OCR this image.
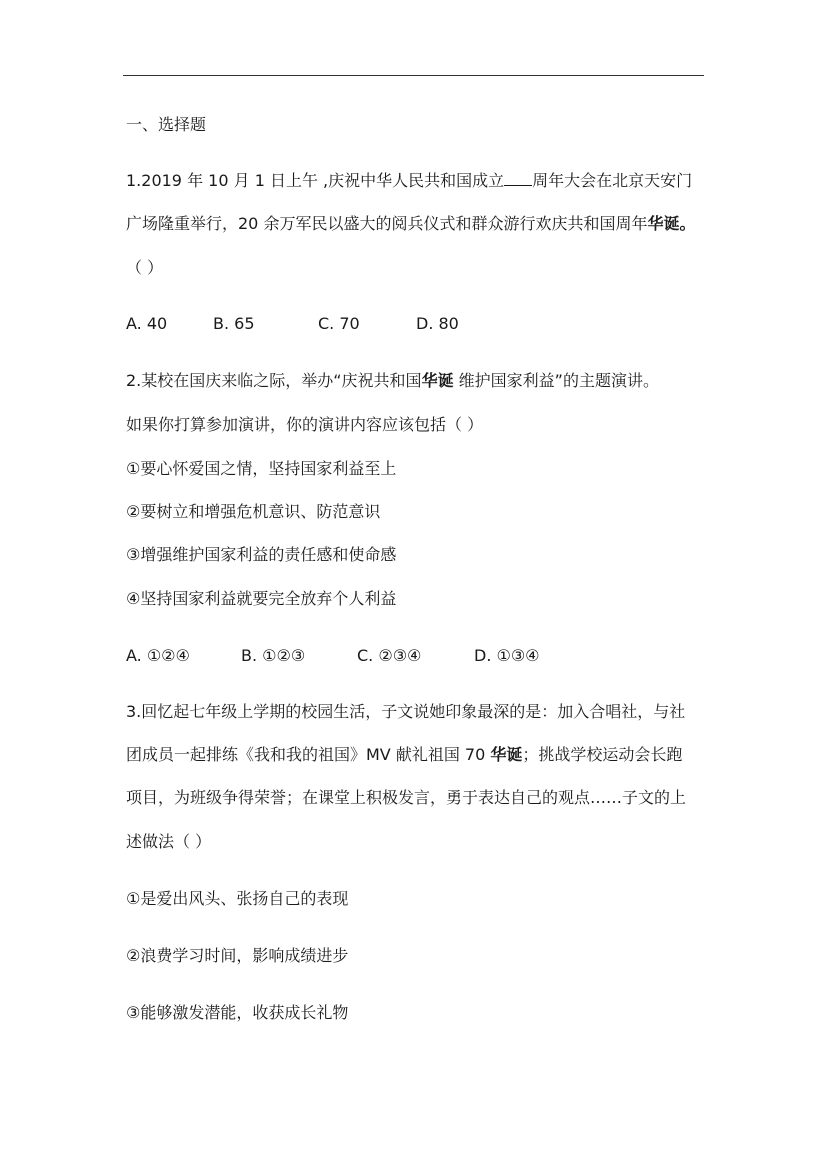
一、选择题
1.2019 年 10 月 1 日上午 ,庆祝中华人民共和国成立 周年大会在北京天安门
广场隆重举行，20 余万军民以盛大的阅兵仪式和群众游行欢庆共和国周年华诞。
（ ）
A. 40	B. 65	C. 70	D. 80
2.某校在国庆来临之际，举办“庆祝共和国华诞 维护国家利益”的主题演讲。
如果你打算参加演讲，你的演讲内容应该包括（ ）
①要心怀爱国之情，坚持国家利益至上
②要树立和增强危机意识、防范意识
③增强维护国家利益的责任感和使命感
④坚持国家利益就要完全放弃个人利益
A. ①②④	B. ①②③	C. ②③④	D. ①③④
3.回忆起七年级上学期的校园生活，子文说她印象最深的是：加入合唱社，与社
团成员一起排练《我和我的祖国》MV 献礼祖国 70 华诞；挑战学校运动会长跑
项目，为班级争得荣誉；在课堂上积极发言，勇于表达自己的观点……子文的上
述做法（ ）
①是爱出风头、张扬自己的表现
②浪费学习时间，影响成绩进步
③能够激发潜能，收获成长礼物
